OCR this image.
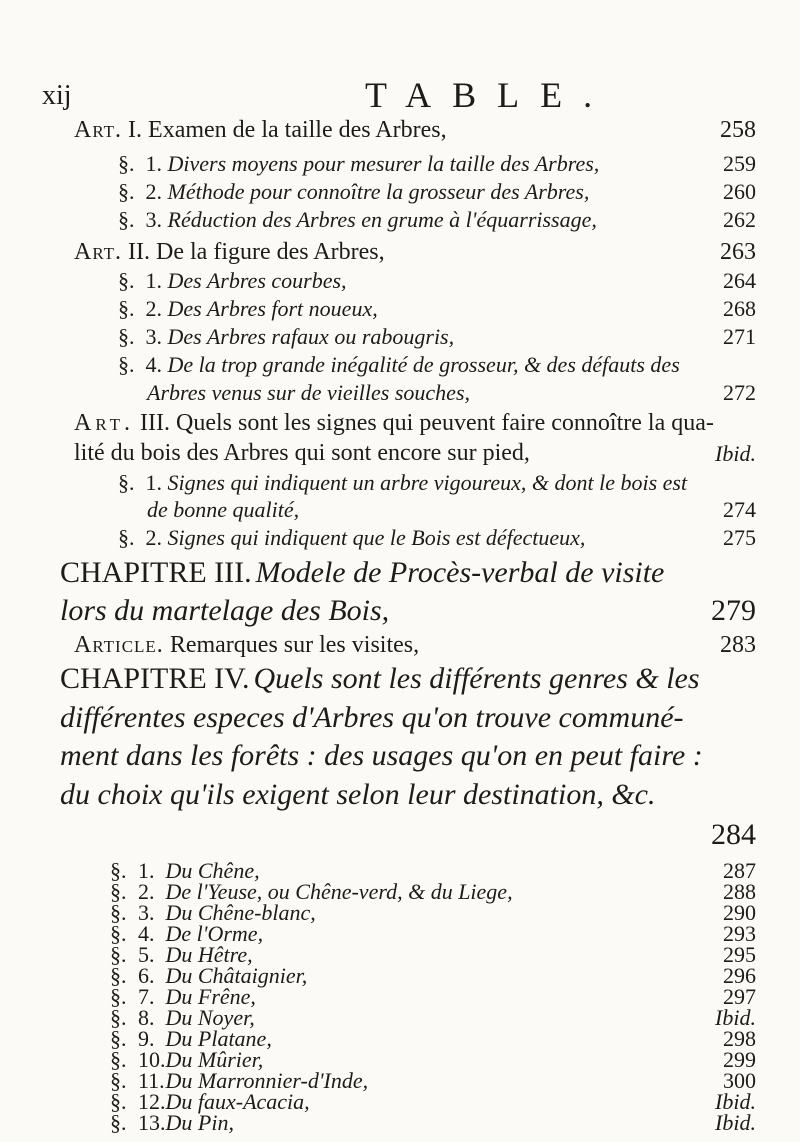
xij	TABLE.
Art. I. Examen de la taille des Arbres,	258
§. 1. Divers moyens pour mesurer la taille des Arbres,	259
§. 2. Méthode pour connoître la grosseur des Arbres,	260
§. 3. Réduction des Arbres en grume à l'équarrissage,	262
Art. II. De la figure des Arbres,	263
§. 1. Des Arbres courbes,	264
§. 2. Des Arbres fort noueux,	268
§. 3. Des Arbres rafaux ou rabougris,	271
§. 4. De la trop grande inégalité de grosseur, & des défauts des
Arbres venus sur de vieilles souches,	272
Art. III. Quels sont les signes qui peuvent faire connoître la qua-
lité du bois des Arbres qui sont encore sur pied,	Ibid.
§. 1. Signes qui indiquent un arbre vigoureux, & dont le bois est
de bonne qualité,	274
§. 2. Signes qui indiquent que le Bois est défectueux,	275
CHAPITRE III. Modele de Procès-verbal de visite
lors du martelage des Bois,	279
Article. Remarques sur les visites,	283
CHAPITRE IV. Quels sont les différents genres & les
différentes especes d'Arbres qu'on trouve communé-
ment dans les forêts : des usages qu'on en peut faire :
du choix qu'ils exigent selon leur destination, &c.
284
§. 1. Du Chêne,	287
§. 2. De l'Yeuse, ou Chêne-verd, & du Liege,	288
§. 3. Du Chêne-blanc,	290
§. 4. De l'Orme,	293
§. 5. Du Hêtre,	295
§. 6. Du Châtaignier,	296
§. 7. Du Frêne,	297
§. 8. Du Noyer,	Ibid.
§. 9. Du Platane,	298
§. 10. Du Mûrier,	299
§. 11. Du Marronnier-d'Inde,	300
§. 12. Du faux-Acacia,	Ibid.
§. 13. Du Pin,	Ibid.
